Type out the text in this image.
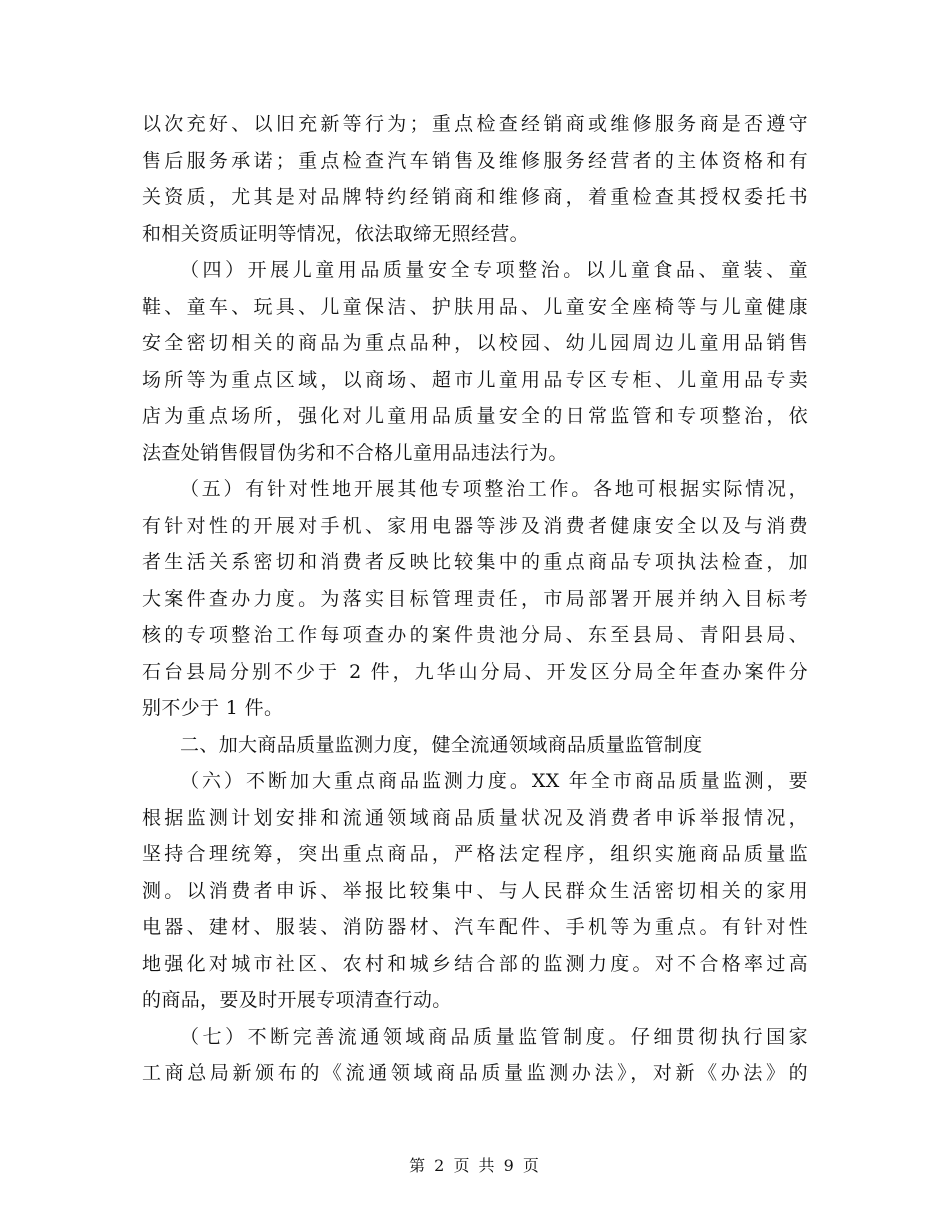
以次充好、以旧充新等行为；重点检查经销商或维修服务商是否遵守
售后服务承诺；重点检查汽车销售及维修服务经营者的主体资格和有
关资质，尤其是对品牌特约经销商和维修商，着重检查其授权委托书
和相关资质证明等情况，依法取缔无照经营。
（四）开展儿童用品质量安全专项整治。以儿童食品、童装、童
鞋、童车、玩具、儿童保洁、护肤用品、儿童安全座椅等与儿童健康
安全密切相关的商品为重点品种，以校园、幼儿园周边儿童用品销售
场所等为重点区域，以商场、超市儿童用品专区专柜、儿童用品专卖
店为重点场所，强化对儿童用品质量安全的日常监管和专项整治，依
法查处销售假冒伪劣和不合格儿童用品违法行为。
（五）有针对性地开展其他专项整治工作。各地可根据实际情况，
有针对性的开展对手机、家用电器等涉及消费者健康安全以及与消费
者生活关系密切和消费者反映比较集中的重点商品专项执法检查，加
大案件查办力度。为落实目标管理责任，市局部署开展并纳入目标考
核的专项整治工作每项查办的案件贵池分局、东至县局、青阳县局、
石台县局分别不少于 2 件，九华山分局、开发区分局全年查办案件分
别不少于 1 件。
二、加大商品质量监测力度，健全流通领域商品质量监管制度
（六）不断加大重点商品监测力度。XX 年全市商品质量监测，要
根据监测计划安排和流通领域商品质量状况及消费者申诉举报情况，
坚持合理统筹，突出重点商品，严格法定程序，组织实施商品质量监
测。以消费者申诉、举报比较集中、与人民群众生活密切相关的家用
电器、建材、服装、消防器材、汽车配件、手机等为重点。有针对性
地强化对城市社区、农村和城乡结合部的监测力度。对不合格率过高
的商品，要及时开展专项清查行动。
（七）不断完善流通领域商品质量监管制度。仔细贯彻执行国家
工商总局新颁布的《流通领域商品质量监测办法》，对新《办法》的
第 2 页 共 9 页
